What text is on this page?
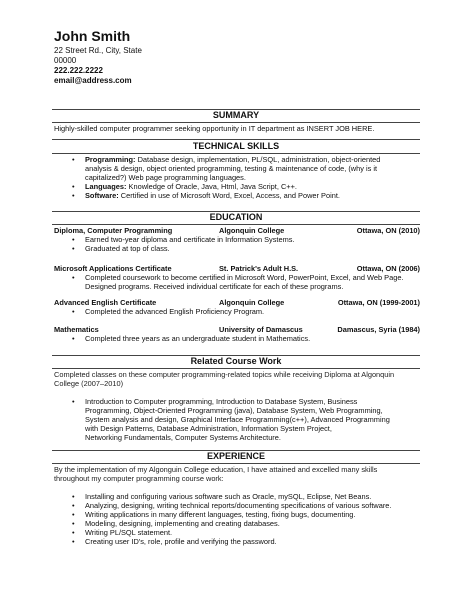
John Smith
22 Street Rd., City, State
00000
222.222.2222
email@address.com
SUMMARY
Highly-skilled computer programmer seeking opportunity in IT department as INSERT JOB HERE.
TECHNICAL SKILLS
• Programming: Database design, implementation, PL/SQL, administration, object-oriented
analysis & design, object oriented programming, testing & maintenance of code, (why is it
capitalized?) Web page programming languages.
• Languages: Knowledge of Oracle, Java, Html, Java Script, C++.
• Software: Certified in use of Microsoft Word, Excel, Access, and Power Point.
EDUCATION
Diploma, Computer Programming	Algonquin College	Ottawa, ON (2010)
• Earned two-year diploma and certificate in Information Systems.
• Graduated at top of class.
Microsoft Applications Certificate	St. Patrick's Adult H.S.	Ottawa, ON (2006)
• Completed coursework to become certified in Microsoft Word, PowerPoint, Excel, and Web Page.
Designed programs. Received individual certificate for each of these programs.
Advanced English Certificate	Algonquin College	Ottawa, ON (1999-2001)
• Completed the advanced English Proficiency Program.
Mathematics	University of Damascus	Damascus, Syria (1984)
• Completed three years as an undergraduate student in Mathematics.
Related Course Work
Completed classes on these computer programming-related topics while receiving Diploma at Algonquin
College (2007–2010)
• Introduction to Computer programming, Introduction to Database System, Business
Programming, Object-Oriented Programming (java), Database System, Web Programming,
System analysis and design, Graphical Interface Programming(c++), Advanced Programming
with Design Patterns, Database Administration, Information System Project,
Networking Fundamentals, Computer Systems Architecture.
EXPERIENCE
By the implementation of my Algonguin College education, I have attained and excelled many skills
throughout my computer programming course work:
• Installing and configuring various software such as Oracle, mySQL, Eclipse, Net Beans.
• Analyzing, designing, writing technical reports/documenting specifications of various software.
• Writing applications in many different languages, testing, fixing bugs, documenting.
• Modeling, designing, implementing and creating databases.
• Writing PL/SQL statement.
• Creating user ID's, role, profile and verifying the password.
